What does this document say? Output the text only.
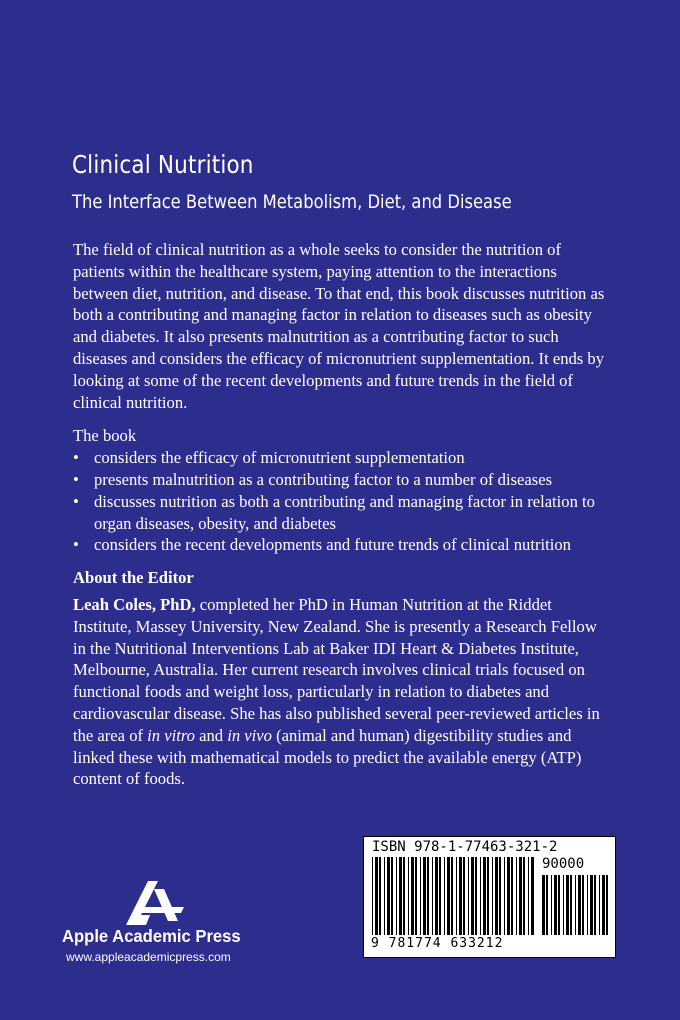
Clinical Nutrition
The Interface Between Metabolism, Diet, and Disease

The field of clinical nutrition as a whole seeks to consider the nutrition of patients within the healthcare system, paying attention to the interactions between diet, nutrition, and disease. To that end, this book discusses nutrition as both a contributing and managing factor in relation to diseases such as obesity and diabetes. It also presents malnutrition as a contributing factor to such diseases and considers the efficacy of micronutrient supplementation. It ends by looking at some of the recent developments and future trends in the field of clinical nutrition.

The book

• considers the efficacy of micronutrient supplementation
• presents malnutrition as a contributing factor to a number of diseases
• discusses nutrition as both a contributing and managing factor in relation to organ diseases, obesity, and diabetes
• considers the recent developments and future trends of clinical nutrition

About the Editor

Leah Coles, PhD, completed her PhD in Human Nutrition at the Riddet Institute, Massey University, New Zealand. She is presently a Research Fellow in the Nutritional Interventions Lab at Baker IDI Heart & Diabetes Institute, Melbourne, Australia. Her current research involves clinical trials focused on functional foods and weight loss, particularly in relation to diabetes and cardiovascular disease. She has also published several peer-reviewed articles in the area of in vitro and in vivo (animal and human) digestibility studies and linked these with mathematical models to predict the available energy (ATP) content of foods.

ISBN 978-1-77463-321-2
90000
9 781774 633212
Apple Academic Press
www.appleacademicpress.com
